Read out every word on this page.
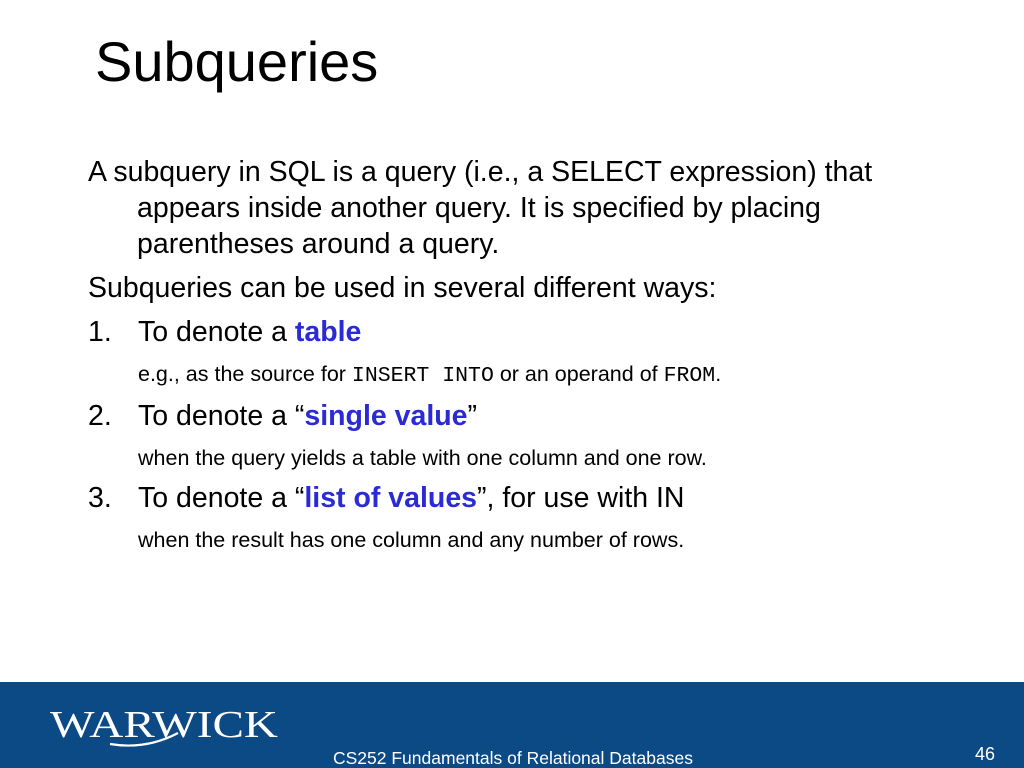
Subqueries

A subquery in SQL is a query (i.e., a SELECT expression) that appears inside another query. It is specified by placing parentheses around a query.

Subqueries can be used in several different ways:

1. To denote a table
e.g., as the source for INSERT INTO or an operand of FROM.
2. To denote a “single value”
when the query yields a table with one column and one row.
3. To denote a “list of values”, for use with IN
when the result has one column and any number of rows.
WARWICK
CS252 Fundamentals of Relational Databases	46
